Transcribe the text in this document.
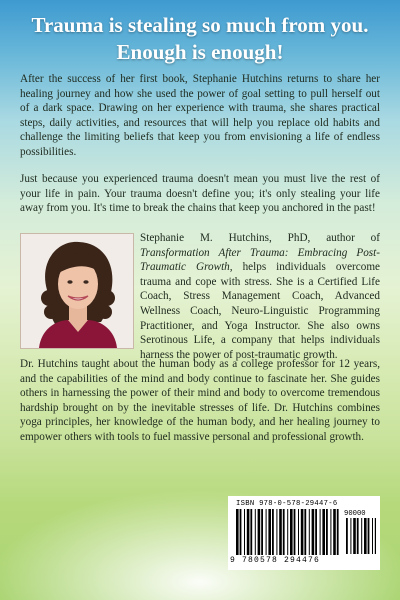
Trauma is stealing so much from you.
Enough is enough!

After the success of her first book, Stephanie Hutchins returns to share her healing journey and how she used the power of goal setting to pull herself out of a dark space. Drawing on her experience with trauma, she shares practical steps, daily activities, and resources that will help you replace old habits and challenge the limiting beliefs that keep you from envisioning a life of endless possibilities.

Just because you experienced trauma doesn't mean you must live the rest of your life in pain. Your trauma doesn't define you; it's only stealing your life away from you. It's time to break the chains that keep you anchored in the past!

Stephanie M. Hutchins, PhD, author of Transformation After Trauma: Embracing Post-Traumatic Growth, helps individuals overcome trauma and cope with stress. She is a Certified Life Coach, Stress Management Coach, Advanced Wellness Coach, Neuro-Linguistic Programming Practitioner, and Yoga Instructor. She also owns Serotinous Life, a company that helps individuals harness the power of post-traumatic growth.

Dr. Hutchins taught about the human body as a college professor for 12 years, and the capabilities of the mind and body continue to fascinate her. She guides others in harnessing the power of their mind and body to overcome tremendous hardship brought on by the inevitable stresses of life. Dr. Hutchins combines yoga principles, her knowledge of the human body, and her healing journey to empower others with tools to fuel massive personal and professional growth.

ISBN 978-0-578-29447-6
90000
9 780578 294476
